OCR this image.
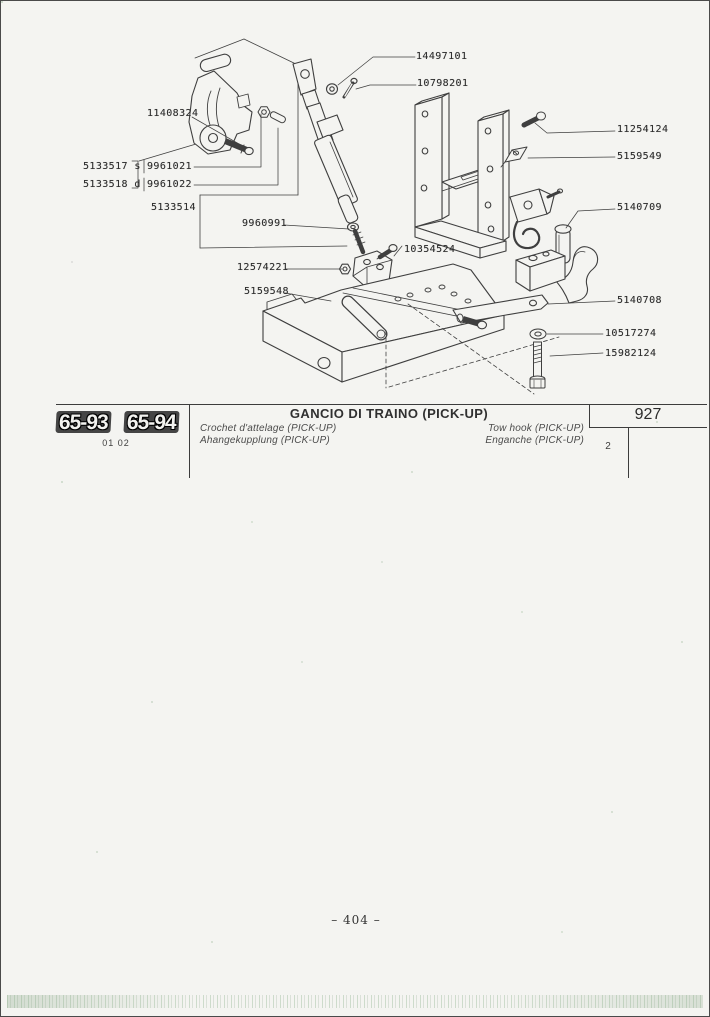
14497101
10798201
11408324
5133517 s 9961021
5133518 d 9961022
5133514
9960991
10354524
12574221
5159548
11254124
5159549
5140709
5140708
10517274
15982124
65-93 65-94
01 02
GANCIO DI TRAINO (PICK-UP)
Crochet d'attelage (PICK-UP)
Ahangekupplung (PICK-UP)
Tow hook (PICK-UP)
Enganche (PICK-UP)
927
2
– 404 –
